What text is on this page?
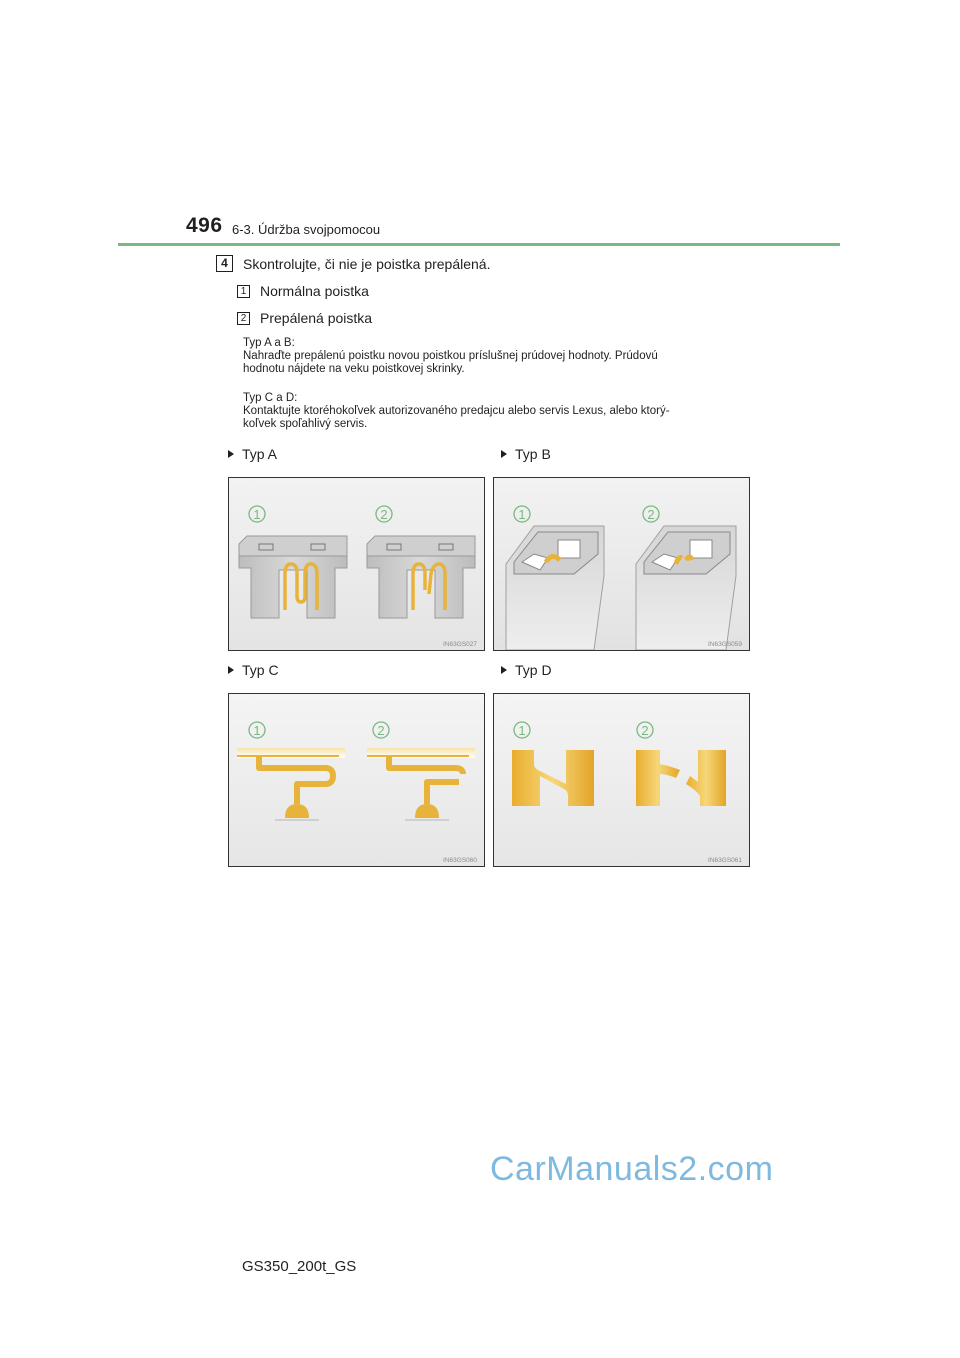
496 6-3. Údržba svojpomocou
4	Skontrolujte, či nie je poistka prepálená.
1 Normálna poistka
2 Prepálená poistka
Typ A a B:
Nahraďte prepálenú poistku novou poistkou príslušnej prúdovej hodnoty. Prúdovú
hodnotu nájdete na veku poistkovej skrinky.
Typ C a D:
Kontaktujte ktoréhokoľvek autorizovaného predajcu alebo servis Lexus, alebo ktorý-
koľvek spoľahlivý servis.
Typ A	Typ B
Typ C	Typ D
1	2
IN63GS027
1	2
IN63GS059
1	2
IN63GS060
1	2
IN63GS061
CarManuals2.com
GS350_200t_GS
